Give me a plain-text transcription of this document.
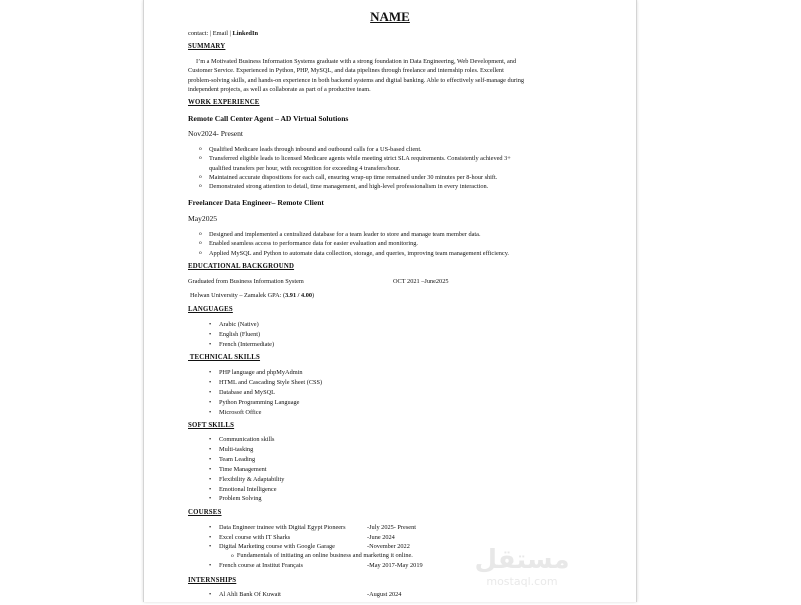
NAME
contact: | Email | LinkedIn
SUMMARY
I’m a Motivated Business Information Systems graduate with a strong foundation in Data Engineering, Web Development, and
Customer Service. Experienced in Python, PHP, MySQL, and data pipelines through freelance and internship roles. Excellent
problem-solving skills, and hands-on experience in both backend systems and digital banking. Able to effectively self-manage during
independent projects, as well as collaborate as part of a productive team.
WORK EXPERIENCE
Remote Call Center Agent – AD Virtual Solutions
Nov2024- Present
o Qualified Medicare leads through inbound and outbound calls for a US-based client.
o Transferred eligible leads to licensed Medicare agents while meeting strict SLA requirements. Consistently achieved 3+
qualified transfers per hour, with recognition for exceeding 4 transfers/hour.
o Maintained accurate dispositions for each call, ensuring wrap-up time remained under 30 minutes per 8-hour shift.
o Demonstrated strong attention to detail, time management, and high-level professionalism in every interaction.
Freelancer Data Engineer– Remote Client
May2025
o Designed and implemented a centralized database for a team leader to store and manage team member data.
o Enabled seamless access to performance data for easier evaluation and monitoring.
o Applied MySQL and Python to automate data collection, storage, and queries, improving team management efficiency.
EDUCATIONAL BACKGROUND
Graduated from Business Information System	OCT 2021 –June2025
Helwan University – Zamalek GPA: (3.91 / 4.00)
LANGUAGES
• Arabic (Native)
• English (Fluent)
• French (Intermediate)
TECHNICAL SKILLS
• PHP language and phpMyAdmin
• HTML and Cascading Style Sheet (CSS)
• Database and MySQL
• Python Programming Language
• Microsoft Office
SOFT SKILLS
• Communication skills
• Multi-tasking
• Team Leading
• Time Management
• Flexibility & Adaptability
• Emotional Intelligence
• Problem Solving
COURSES
• Data Engineer trainee with Digital Egypt Pioneers	-July 2025- Present
• Excel course with IT Sharks	-June 2024
• Digital Marketing course with Google Garage	-November 2022
o Fundamentals of initiating an online business and marketing it online.
• French course at Institut Français	-May 2017-May 2019
INTERNSHIPS
• Al Ahli Bank Of Kuwait	-August 2024
مستقل
mostaql.com
